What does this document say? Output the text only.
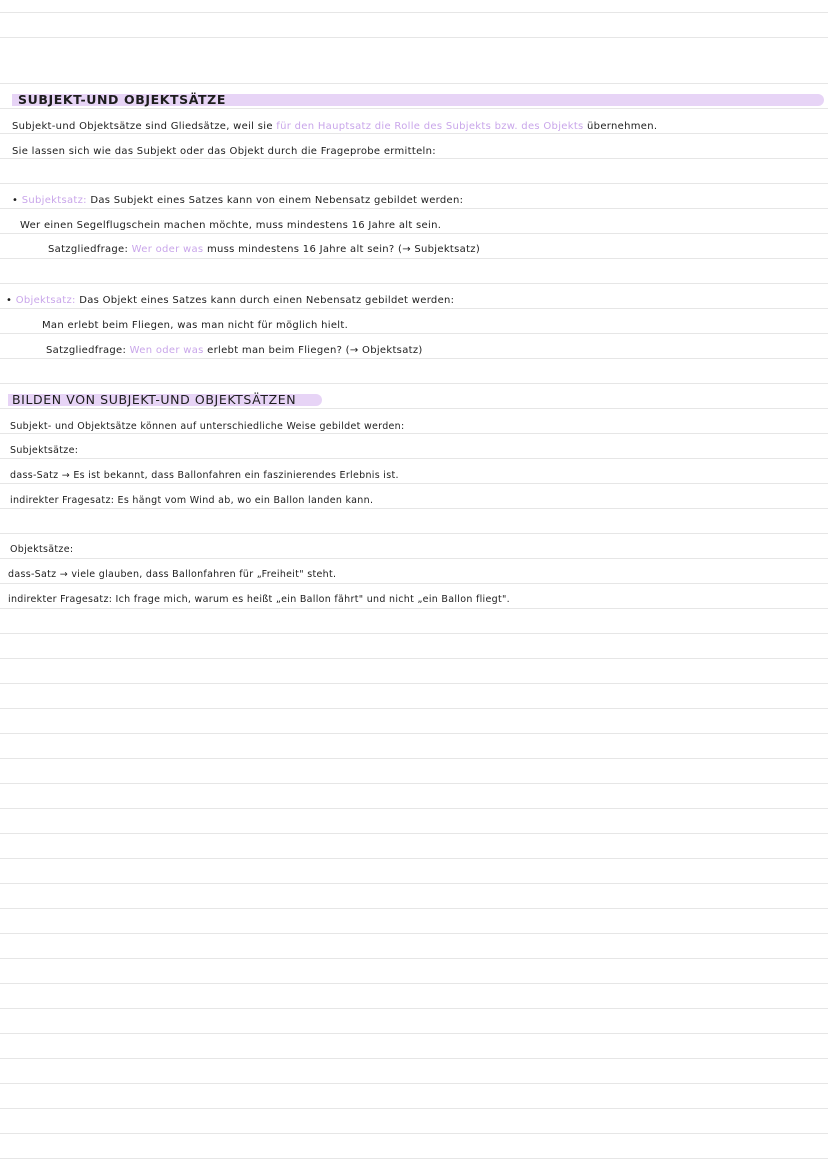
SUBJEKT-UND OBJEKTSÄTZE
Subjekt-und Objektsätze sind Gliedsätze, weil sie für den Hauptsatz die Rolle des Subjekts bzw. des Objekts übernehmen.
Sie lassen sich wie das Subjekt oder das Objekt durch die Frageprobe ermitteln:
• Subjektsatz: Das Subjekt eines Satzes kann von einem Nebensatz gebildet werden:
Wer einen Segelflugschein machen möchte, muss mindestens 16 Jahre alt sein.
Satzgliedfrage: Wer oder was muss mindestens 16 Jahre alt sein? (→ Subjektsatz)
• Objektsatz: Das Objekt eines Satzes kann durch einen Nebensatz gebildet werden:
Man erlebt beim Fliegen, was man nicht für möglich hielt.
Satzgliedfrage: Wen oder was erlebt man beim Fliegen? (→ Objektsatz)
BILDEN VON SUBJEKT-UND OBJEKTSÄTZEN
Subjekt- und Objektsätze können auf unterschiedliche Weise gebildet werden:
Subjektsätze:
dass-Satz → Es ist bekannt, dass Ballonfahren ein faszinierendes Erlebnis ist.
indirekter Fragesatz: Es hängt vom Wind ab, wo ein Ballon landen kann.
Objektsätze:
dass-Satz → viele glauben, dass Ballonfahren für „Freiheit" steht.
indirekter Fragesatz: Ich frage mich, warum es heißt „ein Ballon fährt" und nicht „ein Ballon fliegt".
